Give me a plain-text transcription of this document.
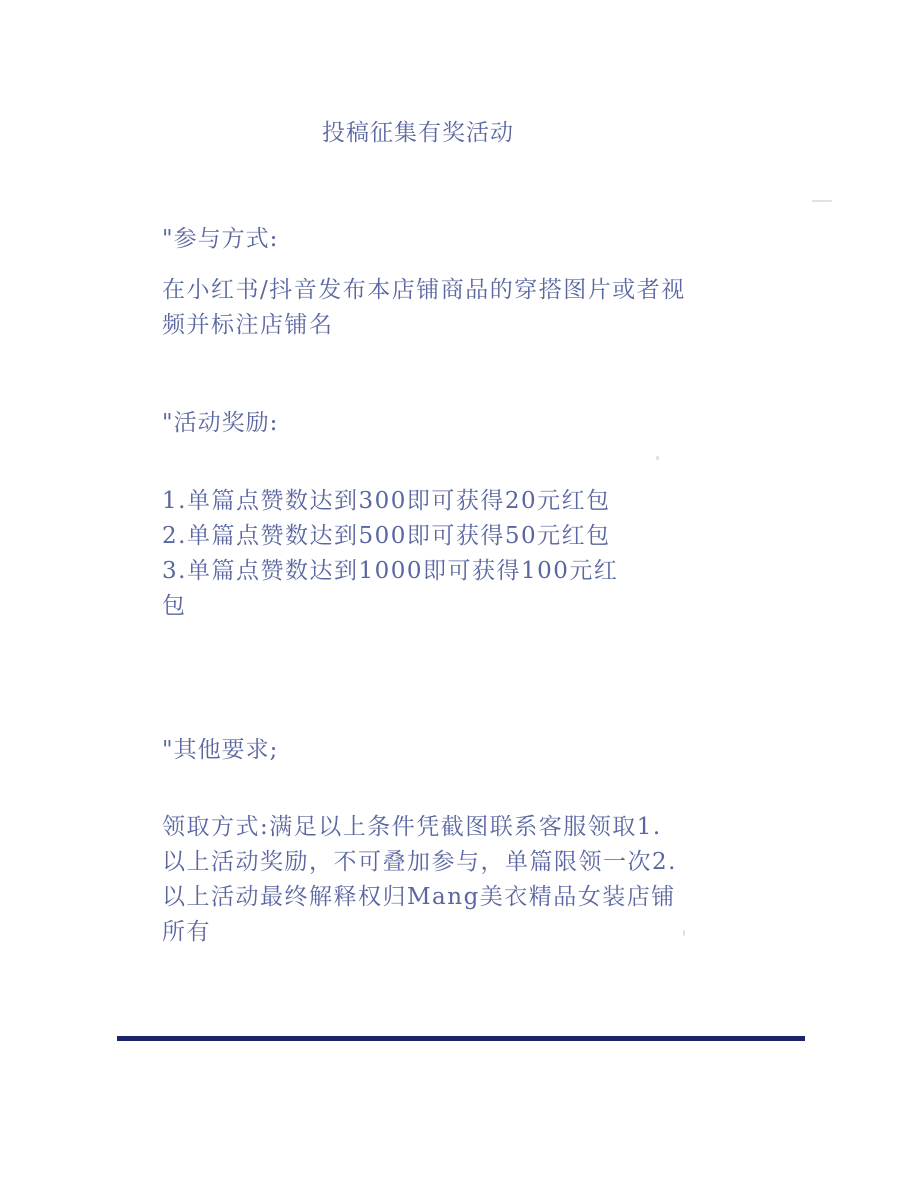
投稿征集有奖活动
"参与方式:
在小红书/抖音发布本店铺商品的穿搭图片或者视
频并标注店铺名
"活动奖励:
1.单篇点赞数达到300即可获得20元红包
2.单篇点赞数达到500即可获得50元红包
3.单篇点赞数达到1000即可获得100元红
包
"其他要求;
领取方式:满足以上条件凭截图联系客服领取1.
以上活动奖励，不可叠加参与，单篇限领一次2.
以上活动最终解释权归Mang美衣精品女装店铺
所有
